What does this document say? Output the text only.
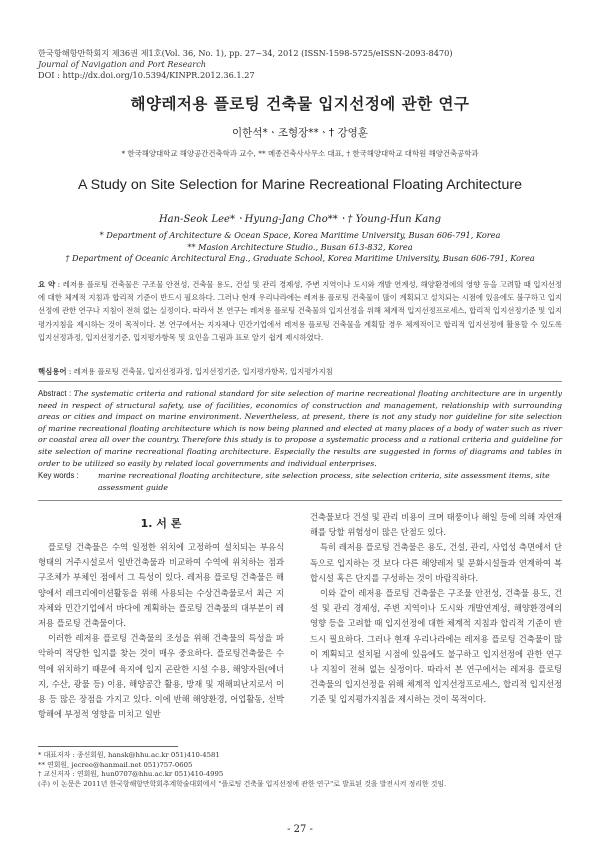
한국항해항만학회지 제36권 제1호(Vol. 36, No. 1), pp. 27~34, 2012 (ISSN-1598-5725/eISSN-2093-8470)
Journal of Navigation and Port Research
DOI : http://dx.doi.org/10.5394/KINPR.2012.36.1.27
해양레저용 플로팅 건축물 입지선정에 관한 연구
이한석*ㆍ조형장**ㆍ† 강영훈
* 한국해양대학교 해양공간건축학과 교수, ** 메종건축사사무소 대표, † 한국해양대학교 대학원 해양건축공학과
A Study on Site Selection for Marine Recreational Floating Architecture
Han-Seok Lee*ㆍHyung-Jang Cho**ㆍ† Young-Hun Kang
* Department of Architecture & Ocean Space, Korea Maritime University, Busan 606-791, Korea
** Masion Architecture Studio., Busan 613-832, Korea
† Department of Oceanic Architectural Eng., Graduate School, Korea Maritime University, Busan 606-791, Korea
요 약 : 레저용 플로팅 건축물은 구조물 안전성, 건축물 용도, 건설 및 관리 경제성, 주변 지역이나 도시와 개발 연계성, 해양환경에의 영향 등을 고려할 때 입지선정에 대한 체계적 지침과 합리적 기준이 반드시 필요하다. 그러나 현재 우리나라에는 레저용 플로팅 건축물이 많이 계획되고 설치되는 시점에 있음에도 불구하고 입지선정에 관한 연구나 지침이 전혀 없는 실정이다. 따라서 본 연구는 레저용 플로팅 건축물의 입지선정을 위해 체계적 입지선정프로세스, 합리적 입지선정기준 및 입지평가지침을 제시하는 것이 목적이다. 본 연구에서는 지자체나 민간기업에서 레저용 플로팅 건축물을 계획할 경우 체계적이고 합리적 입지선정에 활용할 수 있도록 입지선정과정, 입지선정기준, 입지평가항목 및 요인을 그림과 표로 알기 쉽게 제시하였다.
핵심용어 : 레저용 플로팅 건축물, 입지선정과정, 입지선정기준, 입지평가항목, 입지평가지침
Abstract : The systematic criteria and rational standard for site selection of marine recreational floating architecture are in urgently need in respect of structural safety, use of facilities, economics of construction and management, relationship with surrounding areas or cities and impact on marine environment. Nevertheless, at present, there is not any study nor guideline for site selection of marine recreational floating architecture which is now being planned and elected at many places of a body of water such as river or coastal area all over the country. Therefore this study is to propose a systematic process and a rational criteria and guideline for site selection of marine recreational floating architecture. Especially the results are suggested in forms of diagrams and tables in order to be utilized so easily by related local governments and individual enterprises.
Key words :	marine recreational floating architecture, site selection process, site selection criteria, site assessment items, site assessment guide
1. 서 론

플로팅 건축물은 수역 일정한 위치에 고정하여 설치되는 부유식 형태의 거주시설로서 일반건축물과 비교하여 수역에 위치하는 점과 구조체가 부체인 점에서 그 특성이 있다. 레저용 플로팅 건축물은 해양에서 레크리에이션활동을 위해 사용되는 수상건축물로서 최근 지자체와 민간기업에서 바다에 계획하는 플로팅 건축물의 대부분이 레저용 플로팅 건축물이다.

이러한 레저용 플로팅 건축물의 조성을 위해 건축물의 특성을 파악하여 적당한 입지를 찾는 것이 매우 중요하다. 플로팅건축물은 수역에 위치하기 때문에 육지에 입지 곤란한 시설 수용, 해양자원(에너지, 수산, 광물 등) 이용, 해양공간 활용, 방재 및 재해피난지로서 이용 등 많은 장점을 가지고 있다. 이에 반해 해양환경, 어업활동, 선박항해에 부정적 영향을 미치고 일반

건축물보다 건설 및 관리 비용이 크며 태풍이나 해일 등에 의해 자연재해를 당할 위험성이 많은 단점도 있다.

특히 레저용 플로팅 건축물은 용도, 건설, 관리, 사업성 측면에서 단독으로 입지하는 것 보다 다른 해양레저 및 문화시설들과 연계하여 복합시설 혹은 단지를 구성하는 것이 바람직하다.

이와 같이 레저용 플로팅 건축물은 구조물 안전성, 건축물 용도, 건설 및 관리 경제성, 주변 지역이나 도시와 개발연계성, 해양환경에의 영향 등을 고려할 때 입지선정에 대한 체계적 지침과 합리적 기준이 반드시 필요하다. 그러나 현재 우리나라에는 레저용 플로팅 건축물이 많이 계획되고 설치될 시점에 있음에도 불구하고 입지선정에 관한 연구나 지침이 전혀 없는 실정이다. 따라서 본 연구에서는 레저용 플로팅 건축물의 입지선정을 위해 체계적 입지선정프로세스, 합리적 입지선정기준 및 입지평가지침을 제시하는 것이 목적이다.

* 대표저자 : 종신회원, hansk@hhu.ac.kr 051)410-4581
** 연회원, jecree@hanmail.net 051)757-0605
† 교신저자 : 연회원, hun0707@hhu.ac.kr 051)410-4995
(주) 이 논문은 2011년 한국항해항만학회추계학술대회에서 "플로팅 건축물 입지선정에 관한 연구"로 발표된 것을 발전시켜 정리한 것임.
- 27 -
